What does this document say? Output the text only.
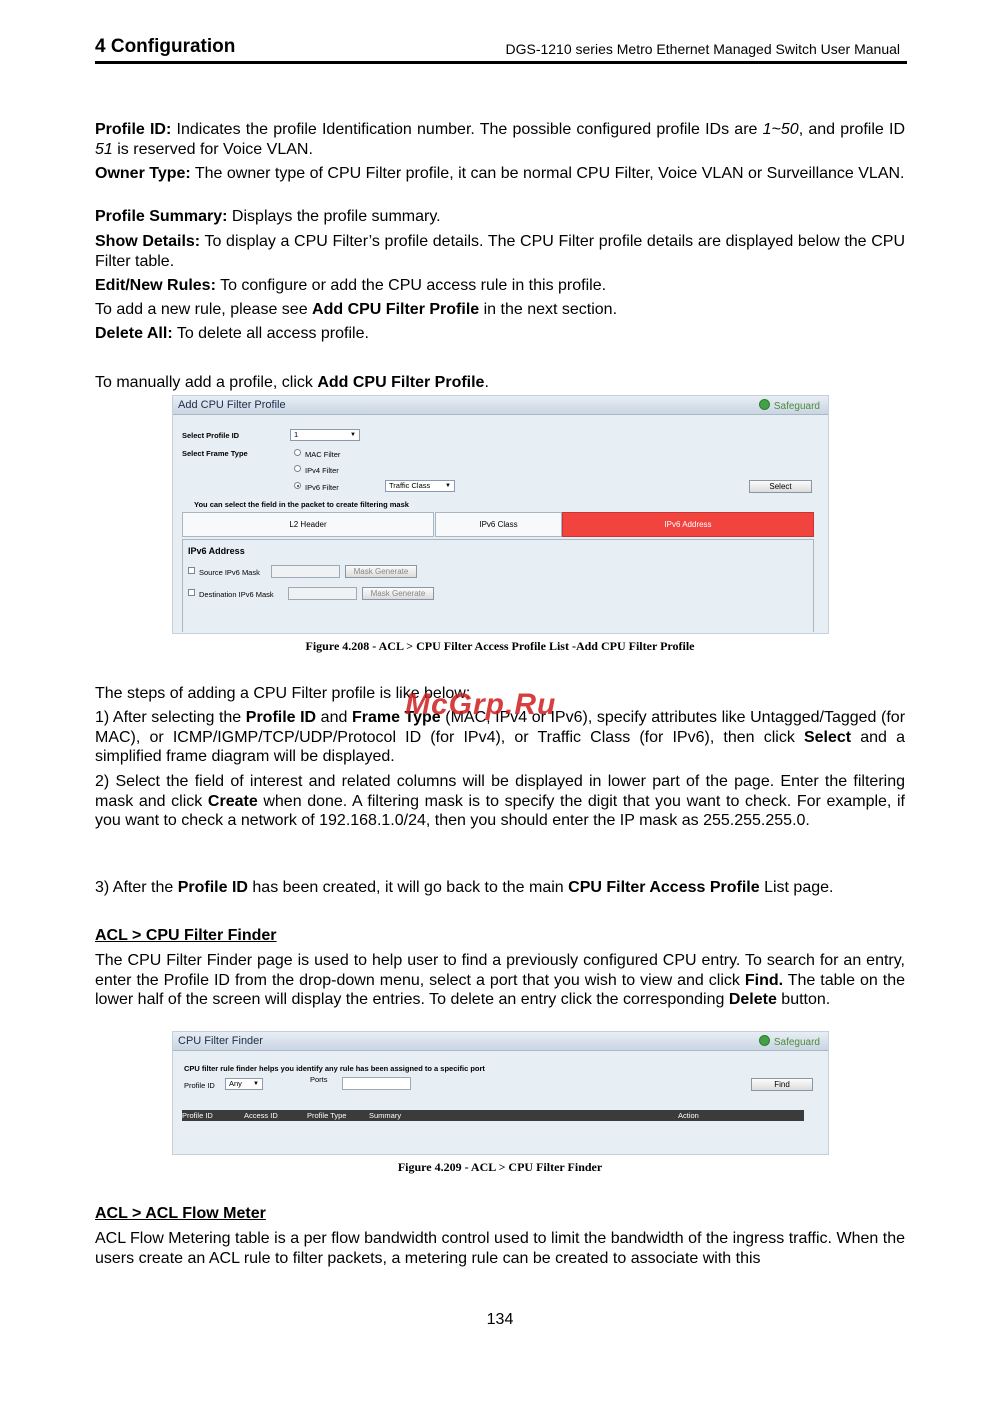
4 Configuration	DGS-1210 series Metro Ethernet Managed Switch User Manual
Profile ID: Indicates the profile Identification number. The possible configured profile IDs are 1~50, and profile ID 51 is reserved for Voice VLAN.
Owner Type: The owner type of CPU Filter profile, it can be normal CPU Filter, Voice VLAN or Surveillance VLAN.
Profile Summary: Displays the profile summary.
Show Details: To display a CPU Filter’s profile details. The CPU Filter profile details are displayed below the CPU Filter table.
Edit/New Rules: To configure or add the CPU access rule in this profile.
To add a new rule, please see Add CPU Filter Profile in the next section.
Delete All: To delete all access profile.
To manually add a profile, click Add CPU Filter Profile.
Add CPU Filter Profile	Safeguard
Select Profile ID	1	▼
Select Frame Type	MAC Filter
IPv4 Filter
IPv6 Filter	Traffic Class ▼	Select
You can select the field in the packet to create filtering mask
L2 Header	IPv6 Class	IPv6 Address
IPv6 Address
Source IPv6 Mask	Mask Generate
Destination IPv6 Mask	Mask Generate
Figure 4.208 - ACL > CPU Filter Access Profile List -Add CPU Filter Profile
The steps of adding a CPU Filter profile is like below:
1) After selecting the Profile ID and Frame Type (MAC, IPv4 or IPv6), specify attributes like Untagged/Tagged (for MAC), or ICMP/IGMP/TCP/UDP/Protocol ID (for IPv4), or Traffic Class (for IPv6), then click Select and a simplified frame diagram will be displayed.
2) Select the field of interest and related columns will be displayed in lower part of the page. Enter the filtering mask and click Create when done. A filtering mask is to specify the digit that you want to check. For example, if you want to check a network of 192.168.1.0/24, then you should enter the IP mask as 255.255.255.0.
3) After the Profile ID has been created, it will go back to the main CPU Filter Access Profile List page.
ACL > CPU Filter Finder
The CPU Filter Finder page is used to help user to find a previously configured CPU entry. To search for an entry, enter the Profile ID from the drop-down menu, select a port that you wish to view and click Find. The table on the lower half of the screen will display the entries. To delete an entry click the corresponding Delete button.
CPU Filter Finder	Safeguard
CPU filter rule finder helps you identify any rule has been assigned to a specific port
Profile ID	Any ▼	Ports
Find
Profile ID	Access ID	Profile Type	Summary	Action
Figure 4.209 - ACL > CPU Filter Finder
ACL > ACL Flow Meter
ACL Flow Metering table is a per flow bandwidth control used to limit the bandwidth of the ingress traffic. When the users create an ACL rule to filter packets, a metering rule can be created to associate with this
134
McGrp.Ru
